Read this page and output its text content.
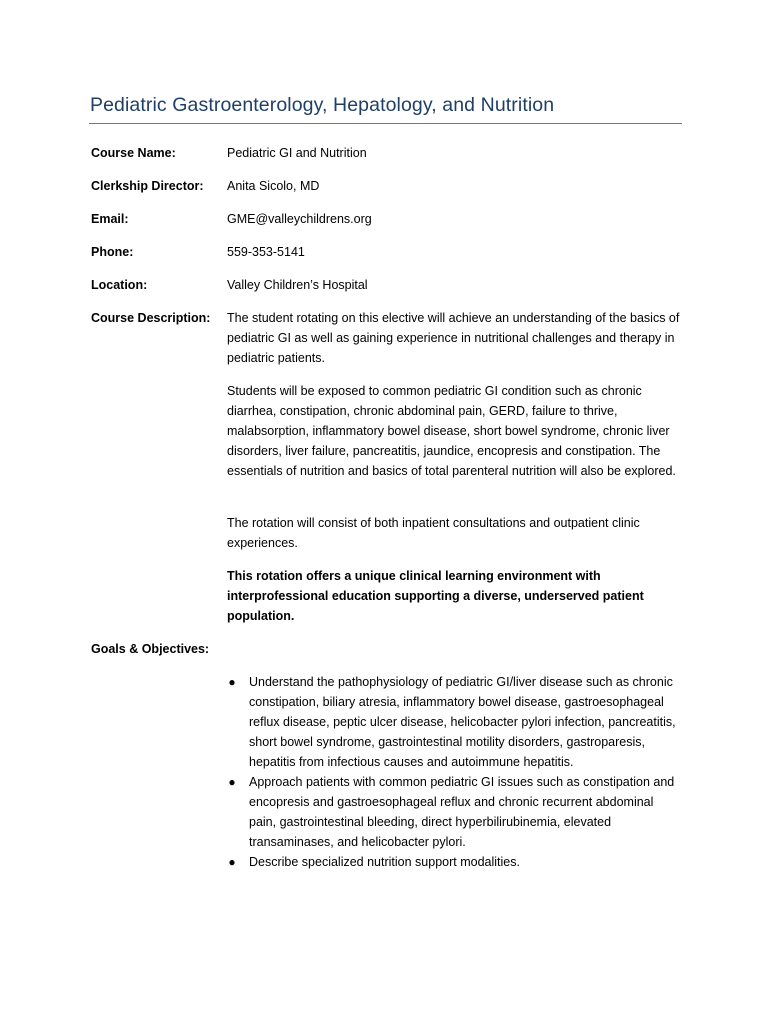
Pediatric Gastroenterology, Hepatology, and Nutrition
Course Name:	Pediatric GI and Nutrition
Clerkship Director: Anita Sicolo, MD
Email:	GME@valleychildrens.org
Phone:	559-353-5141
Location:	Valley Children’s Hospital
Course Description: The student rotating on this elective will achieve an understanding of the basics of pediatric GI as well as gaining experience in nutritional challenges and therapy in pediatric patients.

Students will be exposed to common pediatric GI condition such as chronic diarrhea, constipation, chronic abdominal pain, GERD, failure to thrive, malabsorption, inflammatory bowel disease, short bowel syndrome, chronic liver disorders, liver failure, pancreatitis, jaundice, encopresis and constipation. The essentials of nutrition and basics of total parenteral nutrition will also be explored.

The rotation will consist of both inpatient consultations and outpatient clinic experiences.

This rotation offers a unique clinical learning environment with interprofessional education supporting a diverse, underserved patient population.

Goals & Objectives:
● Understand the pathophysiology of pediatric GI/liver disease such as chronic constipation, biliary atresia, inflammatory bowel disease, gastroesophageal reflux disease, peptic ulcer disease, helicobacter pylori infection, pancreatitis, short bowel syndrome, gastrointestinal motility disorders, gastroparesis, hepatitis from infectious causes and autoimmune hepatitis.
● Approach patients with common pediatric GI issues such as constipation and encopresis and gastroesophageal reflux and chronic recurrent abdominal pain, gastrointestinal bleeding, direct hyperbilirubinemia, elevated transaminases, and helicobacter pylori.
● Describe specialized nutrition support modalities.
